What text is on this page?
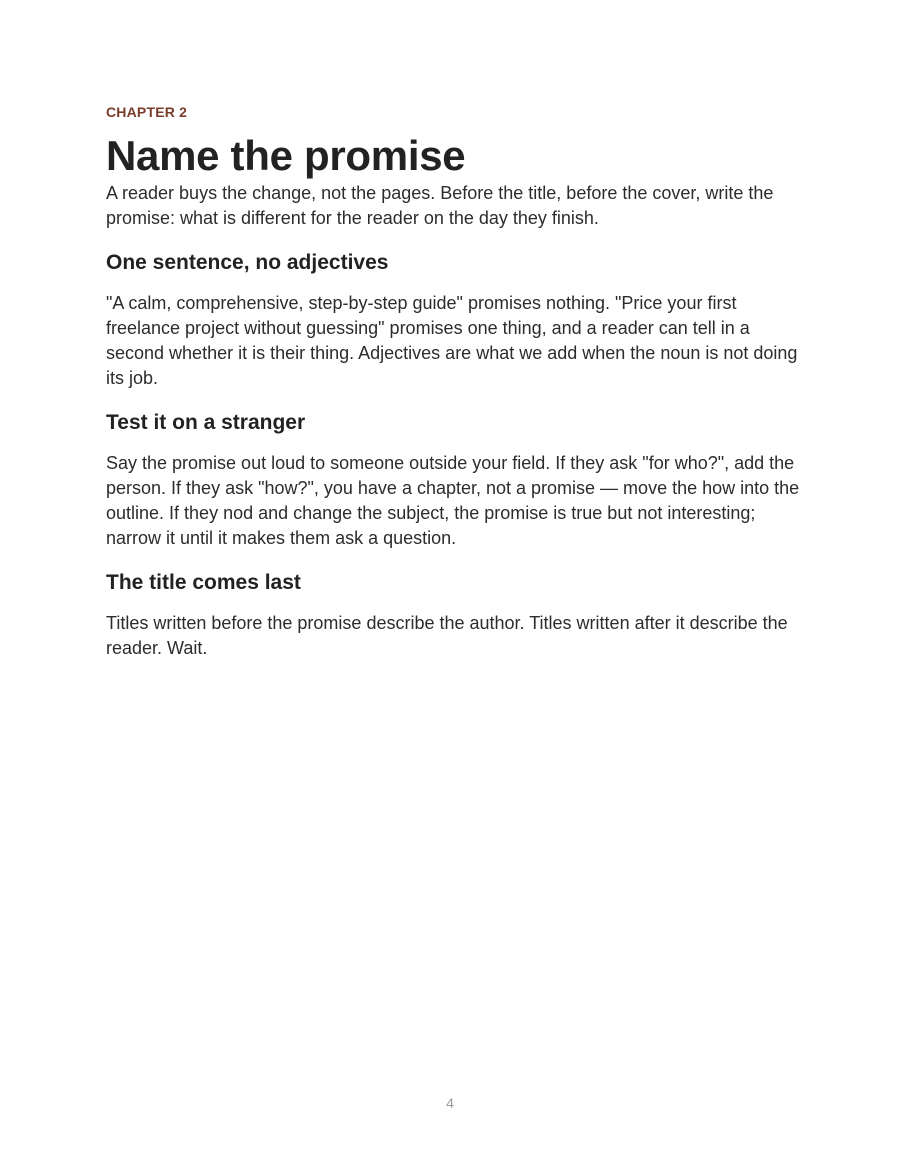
CHAPTER 2
Name the promise

A reader buys the change, not the pages. Before the title, before the cover, write the promise: what is different for the reader on the day they finish.

One sentence, no adjectives

"A calm, comprehensive, step-by-step guide" promises nothing. "Price your first freelance project without guessing" promises one thing, and a reader can tell in a second whether it is their thing. Adjectives are what we add when the noun is not doing its job.

Test it on a stranger

Say the promise out loud to someone outside your field. If they ask "for who?", add the person. If they ask "how?", you have a chapter, not a promise — move the how into the outline. If they nod and change the subject, the promise is true but not interesting; narrow it until it makes them ask a question.

The title comes last

Titles written before the promise describe the author. Titles written after it describe the reader. Wait.

4
